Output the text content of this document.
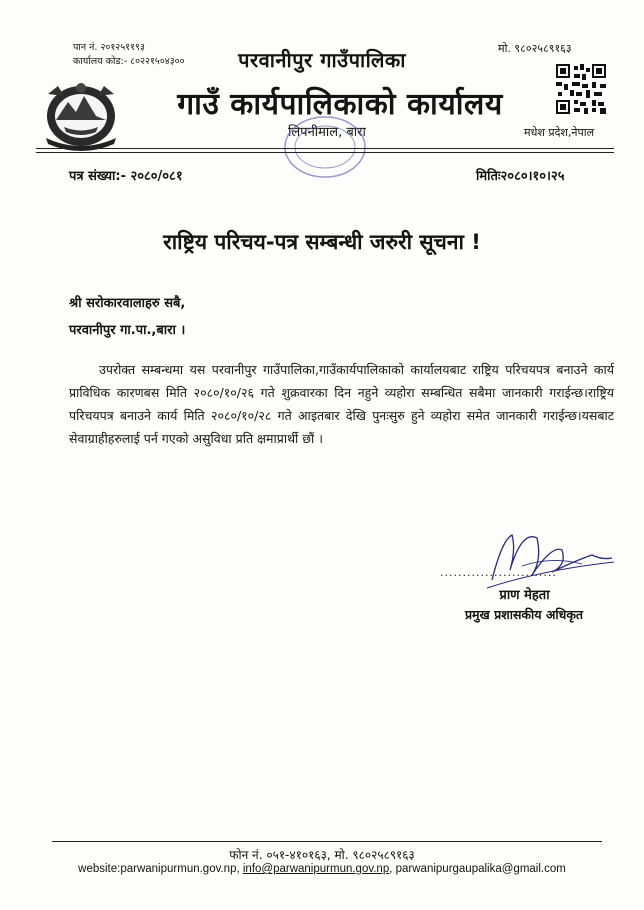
पान नं. २०१२५११९३
कार्यालय कोड:- ८०२२१५०४३००
मो. ९८०२५८९१६३
परवानीपुर गाउँपालिका
गाउँ कार्यपालिकाको कार्यालय
लिपनीमाल, बारा	मधेश प्रदेश,नेपाल
पत्र संख्या:- २०८०/०८१	मितिः२०८०।१०।२५
राष्ट्रिय परिचय-पत्र सम्बन्धी जरुरी सूचना !
श्री सरोकारवालाहरु सबै,
परवानीपुर गा.पा.,बारा ।
उपरोक्त सम्बन्धमा यस परवानीपुर गाउँपालिका,गाउँकार्यपालिकाको कार्यालयबाट राष्ट्रिय परिचयपत्र बनाउने कार्य प्राविधिक कारणबस मिति २०८०/१०/२६ गते शुक्रवारका दिन नहुने व्यहोरा सम्बन्धित सबैमा जानकारी गराईन्छ।राष्ट्रिय परिचयपत्र बनाउने कार्य मिति २०८०/१०/२८ गते आइतबार देखि पुनःसुरु हुने व्यहोरा समेत जानकारी गराईन्छ।यसबाट सेवाग्राहीहरुलाई पर्न गएको असुविधा प्रति क्षमाप्रार्थी छौं ।
..........................
प्राण मेहता
प्रमुख प्रशासकीय अधिकृत
फोन नं. ०५१-४१०१६३, मो. ९८०२५८९१६३
website:parwanipurmun.gov.np, info@parwanipurmun.gov.np, parwanipurgaupalika@gmail.com
